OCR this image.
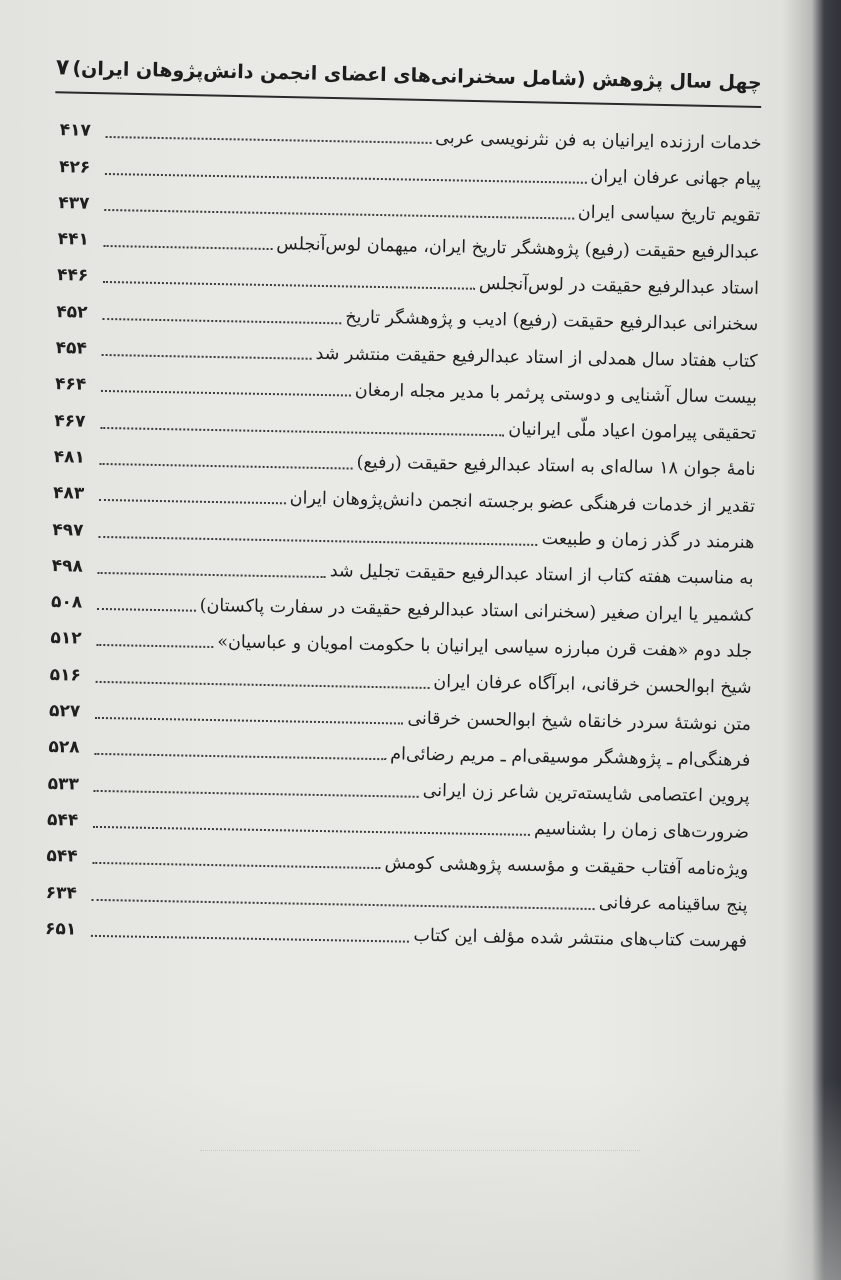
چهل سال پژوهش (شامل سخنرانی‌های اعضای انجمن دانش‌پژوهان ایران)
۷
خدمات ارزنده ایرانیان به فن نثرنویسی عربی
۴۱۷
پیام جهانی عرفان ایران
۴۲۶
تقویم تاریخ سیاسی ایران
۴۳۷
عبدالرفیع حقیقت (رفیع) پژوهشگر تاریخ ایران، میهمان لوس‌آنجلس
۴۴۱
استاد عبدالرفیع حقیقت در لوس‌آنجلس
۴۴۶
سخنرانی عبدالرفیع حقیقت (رفیع) ادیب و پژوهشگر تاریخ
۴۵۲
کتاب هفتاد سال همدلی از استاد عبدالرفیع حقیقت منتشر شد
۴۵۴
بیست سال آشنایی و دوستی پرثمر با مدیر مجله ارمغان
۴۶۴
تحقیقی پیرامون اعیاد ملّی ایرانیان
۴۶۷
نامهٔ جوان ۱۸ ساله‌ای به استاد عبدالرفیع حقیقت (رفیع)
۴۸۱
تقدیر از خدمات فرهنگی عضو برجسته انجمن دانش‌پژوهان ایران
۴۸۳
هنرمند در گذر زمان و طبیعت
۴۹۷
به مناسبت هفته کتاب از استاد عبدالرفیع حقیقت تجلیل شد
۴۹۸
کشمیر یا ایران صغیر (سخنرانی استاد عبدالرفیع حقیقت در سفارت پاکستان)
۵۰۸
جلد دوم «هفت قرن مبارزه سیاسی ایرانیان با حکومت امویان و عباسیان»
۵۱۲
شیخ ابوالحسن خرقانی، ابرآگاه عرفان ایران
۵۱۶
متن نوشتهٔ سردر خانقاه شیخ ابوالحسن خرقانی
۵۲۷
فرهنگی‌ام ـ پژوهشگر موسیقی‌ام ـ مریم رضائی‌ام
۵۲۸
پروین اعتصامی شایسته‌ترین شاعر زن ایرانی
۵۳۳
ضرورت‌های زمان را بشناسیم
۵۴۴
ویژه‌نامه آفتاب حقیقت و مؤسسه پژوهشی کومش
۵۴۴
پنج ساقینامه عرفانی
۶۳۴
فهرست کتاب‌های منتشر شده مؤلف این کتاب
۶۵۱
